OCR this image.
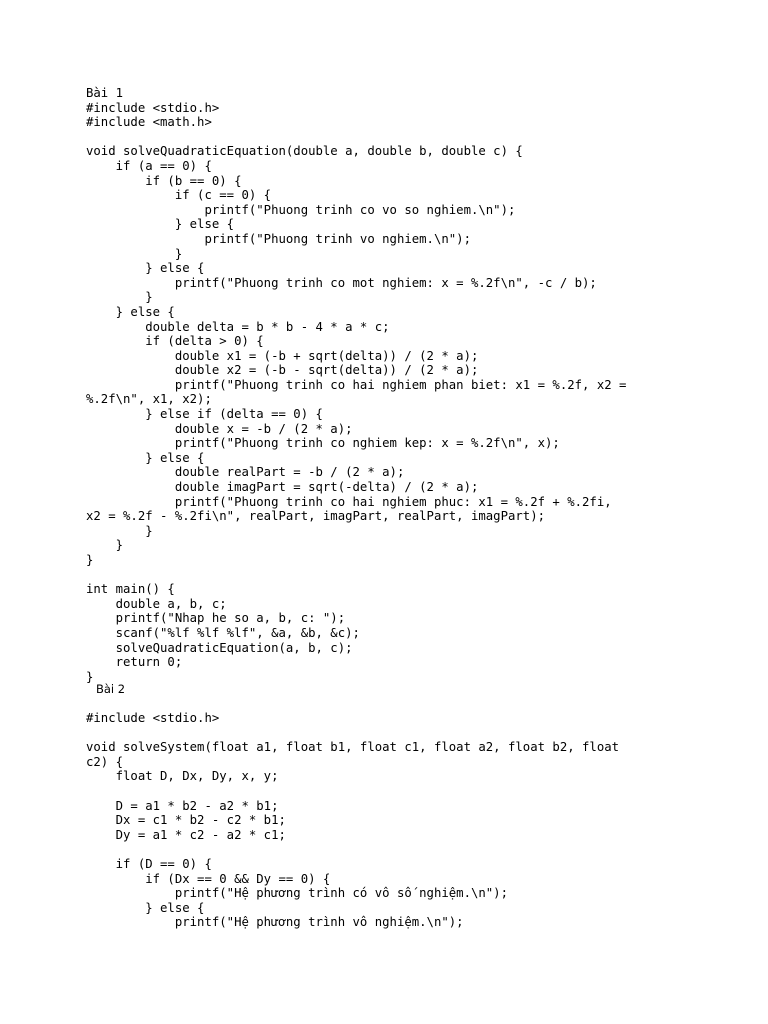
Bài 1
#include <stdio.h>
#include <math.h>

void solveQuadraticEquation(double a, double b, double c) {
if (a == 0) {
if (b == 0) {
if (c == 0) {
printf("Phuong trinh co vo so nghiem.\n");
} else {
printf("Phuong trinh vo nghiem.\n");
}
} else {
printf("Phuong trinh co mot nghiem: x = %.2f\n", -c / b);
}
} else {
double delta = b * b - 4 * a * c;
if (delta > 0) {
double x1 = (-b + sqrt(delta)) / (2 * a);
double x2 = (-b - sqrt(delta)) / (2 * a);
printf("Phuong trinh co hai nghiem phan biet: x1 = %.2f, x2 =
%.2f\n", x1, x2);
} else if (delta == 0) {
double x = -b / (2 * a);
printf("Phuong trinh co nghiem kep: x = %.2f\n", x);
} else {
double realPart = -b / (2 * a);
double imagPart = sqrt(-delta) / (2 * a);
printf("Phuong trinh co hai nghiem phuc: x1 = %.2f + %.2fi,
x2 = %.2f - %.2fi\n", realPart, imagPart, realPart, imagPart);
}
}
}

int main() {
double a, b, c;
printf("Nhap he so a, b, c: ");
scanf("%lf %lf %lf", &a, &b, &c);
solveQuadraticEquation(a, b, c);
return 0;
}
Bài 2
#include <stdio.h>

void solveSystem(float a1, float b1, float c1, float a2, float b2, float
c2) {
float D, Dx, Dy, x, y;

D = a1 * b2 - a2 * b1;
Dx = c1 * b2 - c2 * b1;
Dy = a1 * c2 - a2 * c1;

if (D == 0) {
if (Dx == 0 && Dy == 0) {
printf("Hệ phương trình có vô số nghiệm.\n");
} else {
printf("Hệ phương trình vô nghiệm.\n");
